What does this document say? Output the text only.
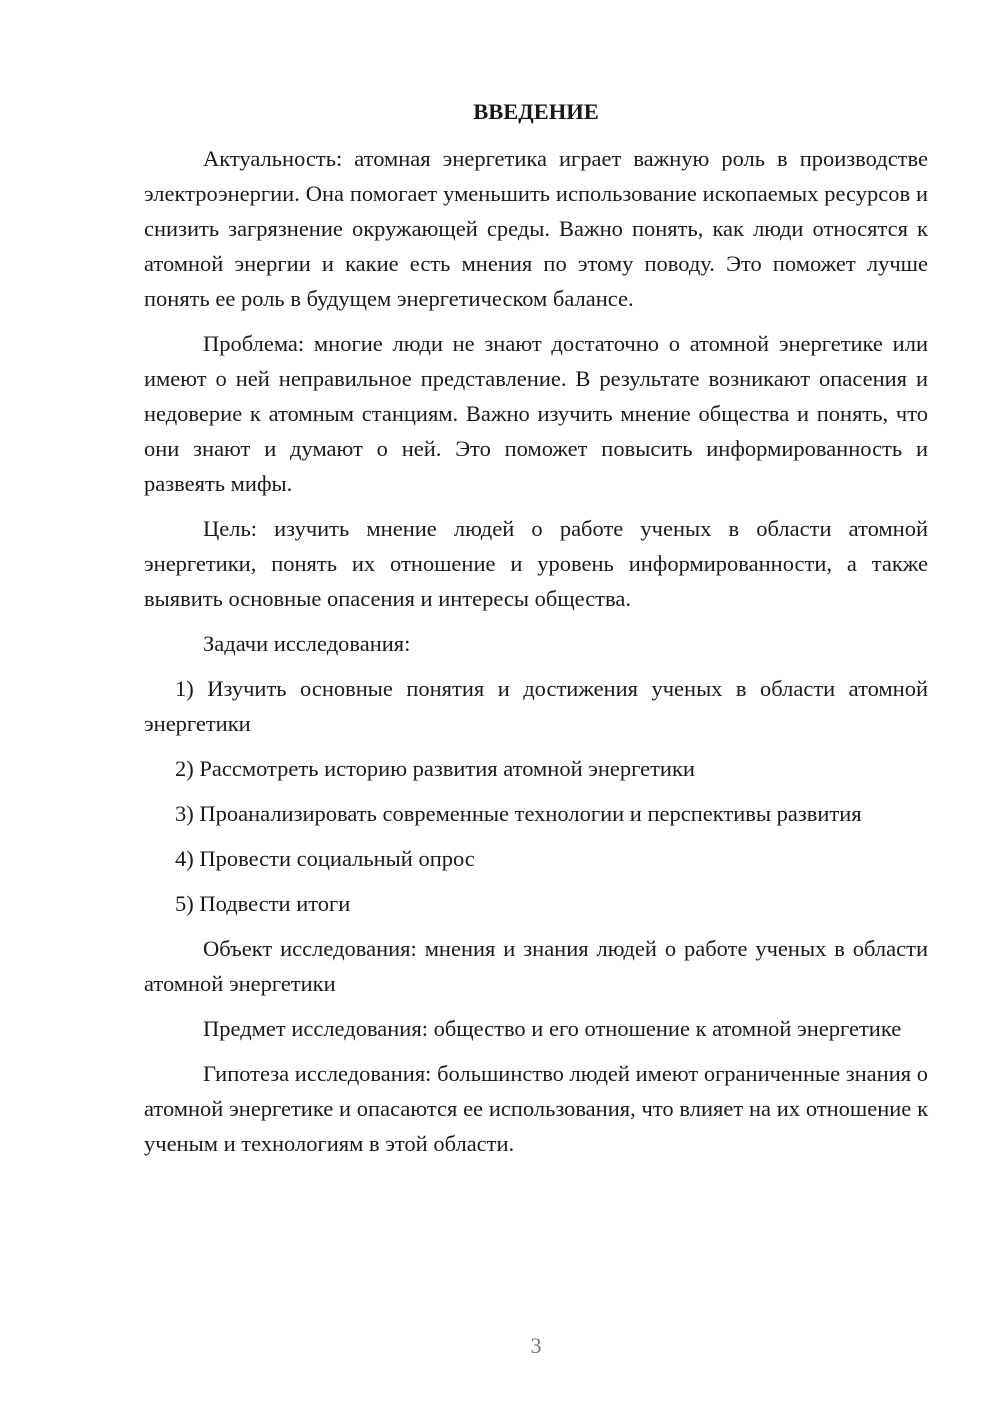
ВВЕДЕНИЕ

Актуальность: атомная энергетика играет важную роль в производстве электроэнергии. Она помогает уменьшить использование ископаемых ресурсов и снизить загрязнение окружающей среды. Важно понять, как люди относятся к атомной энергии и какие есть мнения по этому поводу. Это поможет лучше понять ее роль в будущем энергетическом балансе.

Проблема: многие люди не знают достаточно о атомной энергетике или имеют о ней неправильное представление. В результате возникают опасения и недоверие к атомным станциям. Важно изучить мнение общества и понять, что они знают и думают о ней. Это поможет повысить информированность и развеять мифы.

Цель: изучить мнение людей о работе ученых в области атомной энергетики, понять их отношение и уровень информированности, а также выявить основные опасения и интересы общества.

Задачи исследования:

1) Изучить основные понятия и достижения ученых в области атомной энергетики

2) Рассмотреть историю развития атомной энергетики

3) Проанализировать современные технологии и перспективы развития

4) Провести социальный опрос

5) Подвести итоги

Объект исследования: мнения и знания людей о работе ученых в области атомной энергетики

Предмет исследования: общество и его отношение к атомной энергетике

Гипотеза исследования: большинство людей имеют ограниченные знания о атомной энергетике и опасаются ее использования, что влияет на их отношение к ученым и технологиям в этой области.

3
